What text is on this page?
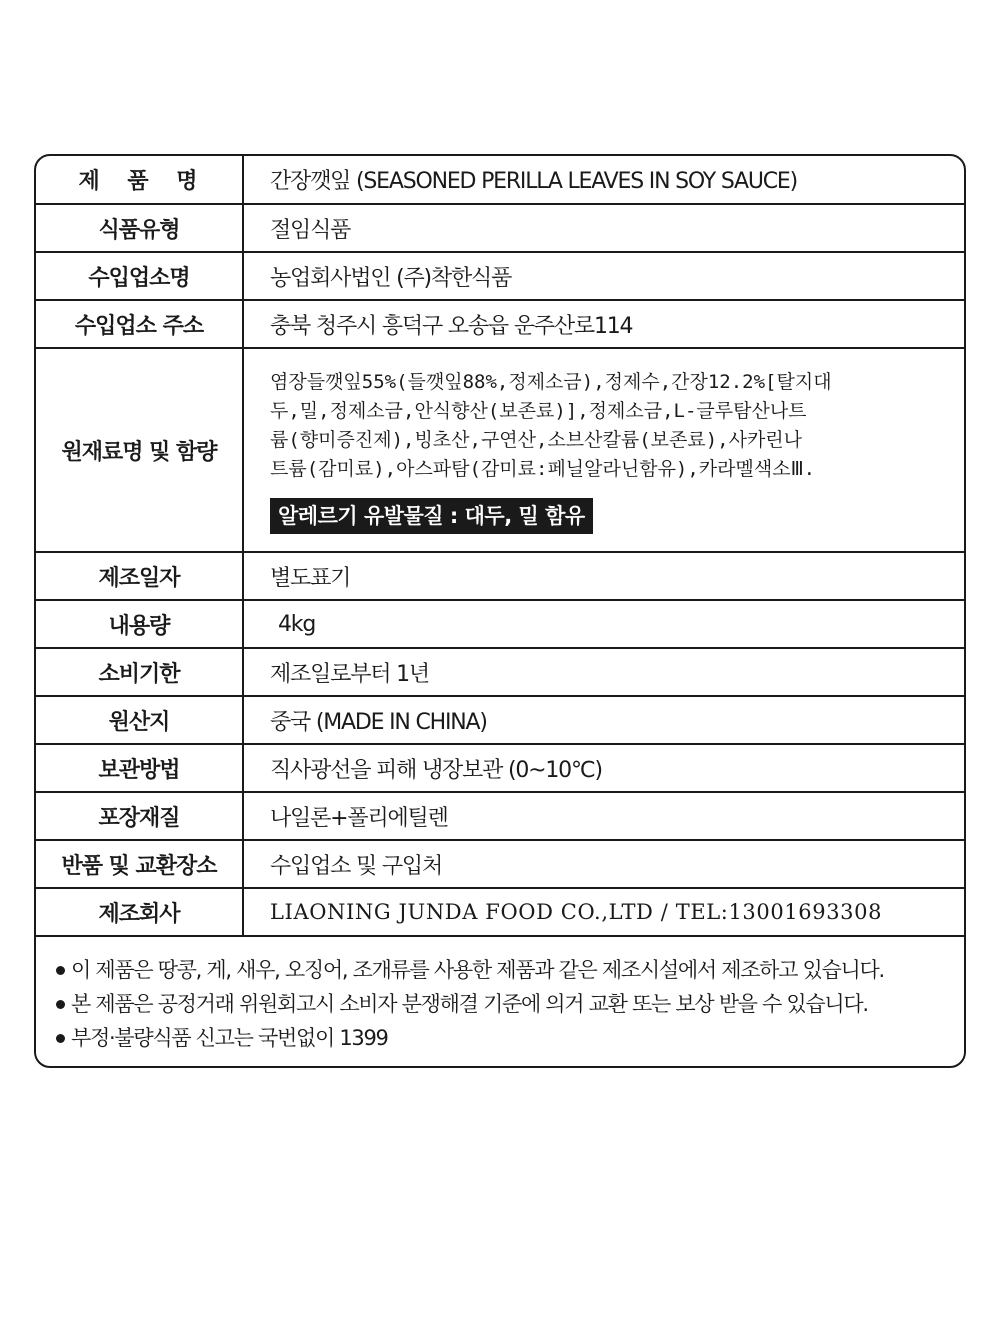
제 품 명	간장깻잎 (SEASONED PERILLA LEAVES IN SOY SAUCE)
식품유형	절임식품
수입업소명	농업회사법인 (주)착한식품
수입업소 주소	충북 청주시 흥덕구 오송읍 운주산로114
원재료명 및 함량	염장들깻잎55%(들깻잎88%,정제소금),정제수,간장12.2%[탈지대
두,밀,정제소금,안식향산(보존료)],정제소금,L-글루탐산나트
륨(향미증진제),빙초산,구연산,소브산칼륨(보존료),사카린나
트륨(감미료),아스파탐(감미료:페닐알라닌함유),카라멜색소Ⅲ.
알레르기 유발물질 : 대두, 밀 함유
제조일자	별도표기
내용량	4kg
소비기한	제조일로부터 1년
원산지	중국 (MADE IN CHINA)
보관방법	직사광선을 피해 냉장보관 (0~10℃)
포장재질	나일론+폴리에틸렌
반품 및 교환장소	수입업소 및 구입처
제조회사	LIAONING JUNDA FOOD CO.,LTD / TEL:13001693308
이 제품은 땅콩, 게, 새우, 오징어, 조개류를 사용한 제품과 같은 제조시설에서 제조하고 있습니다.
본 제품은 공정거래 위원회고시 소비자 분쟁해결 기준에 의거 교환 또는 보상 받을 수 있습니다.
부정·불량식품 신고는 국번없이 1399
